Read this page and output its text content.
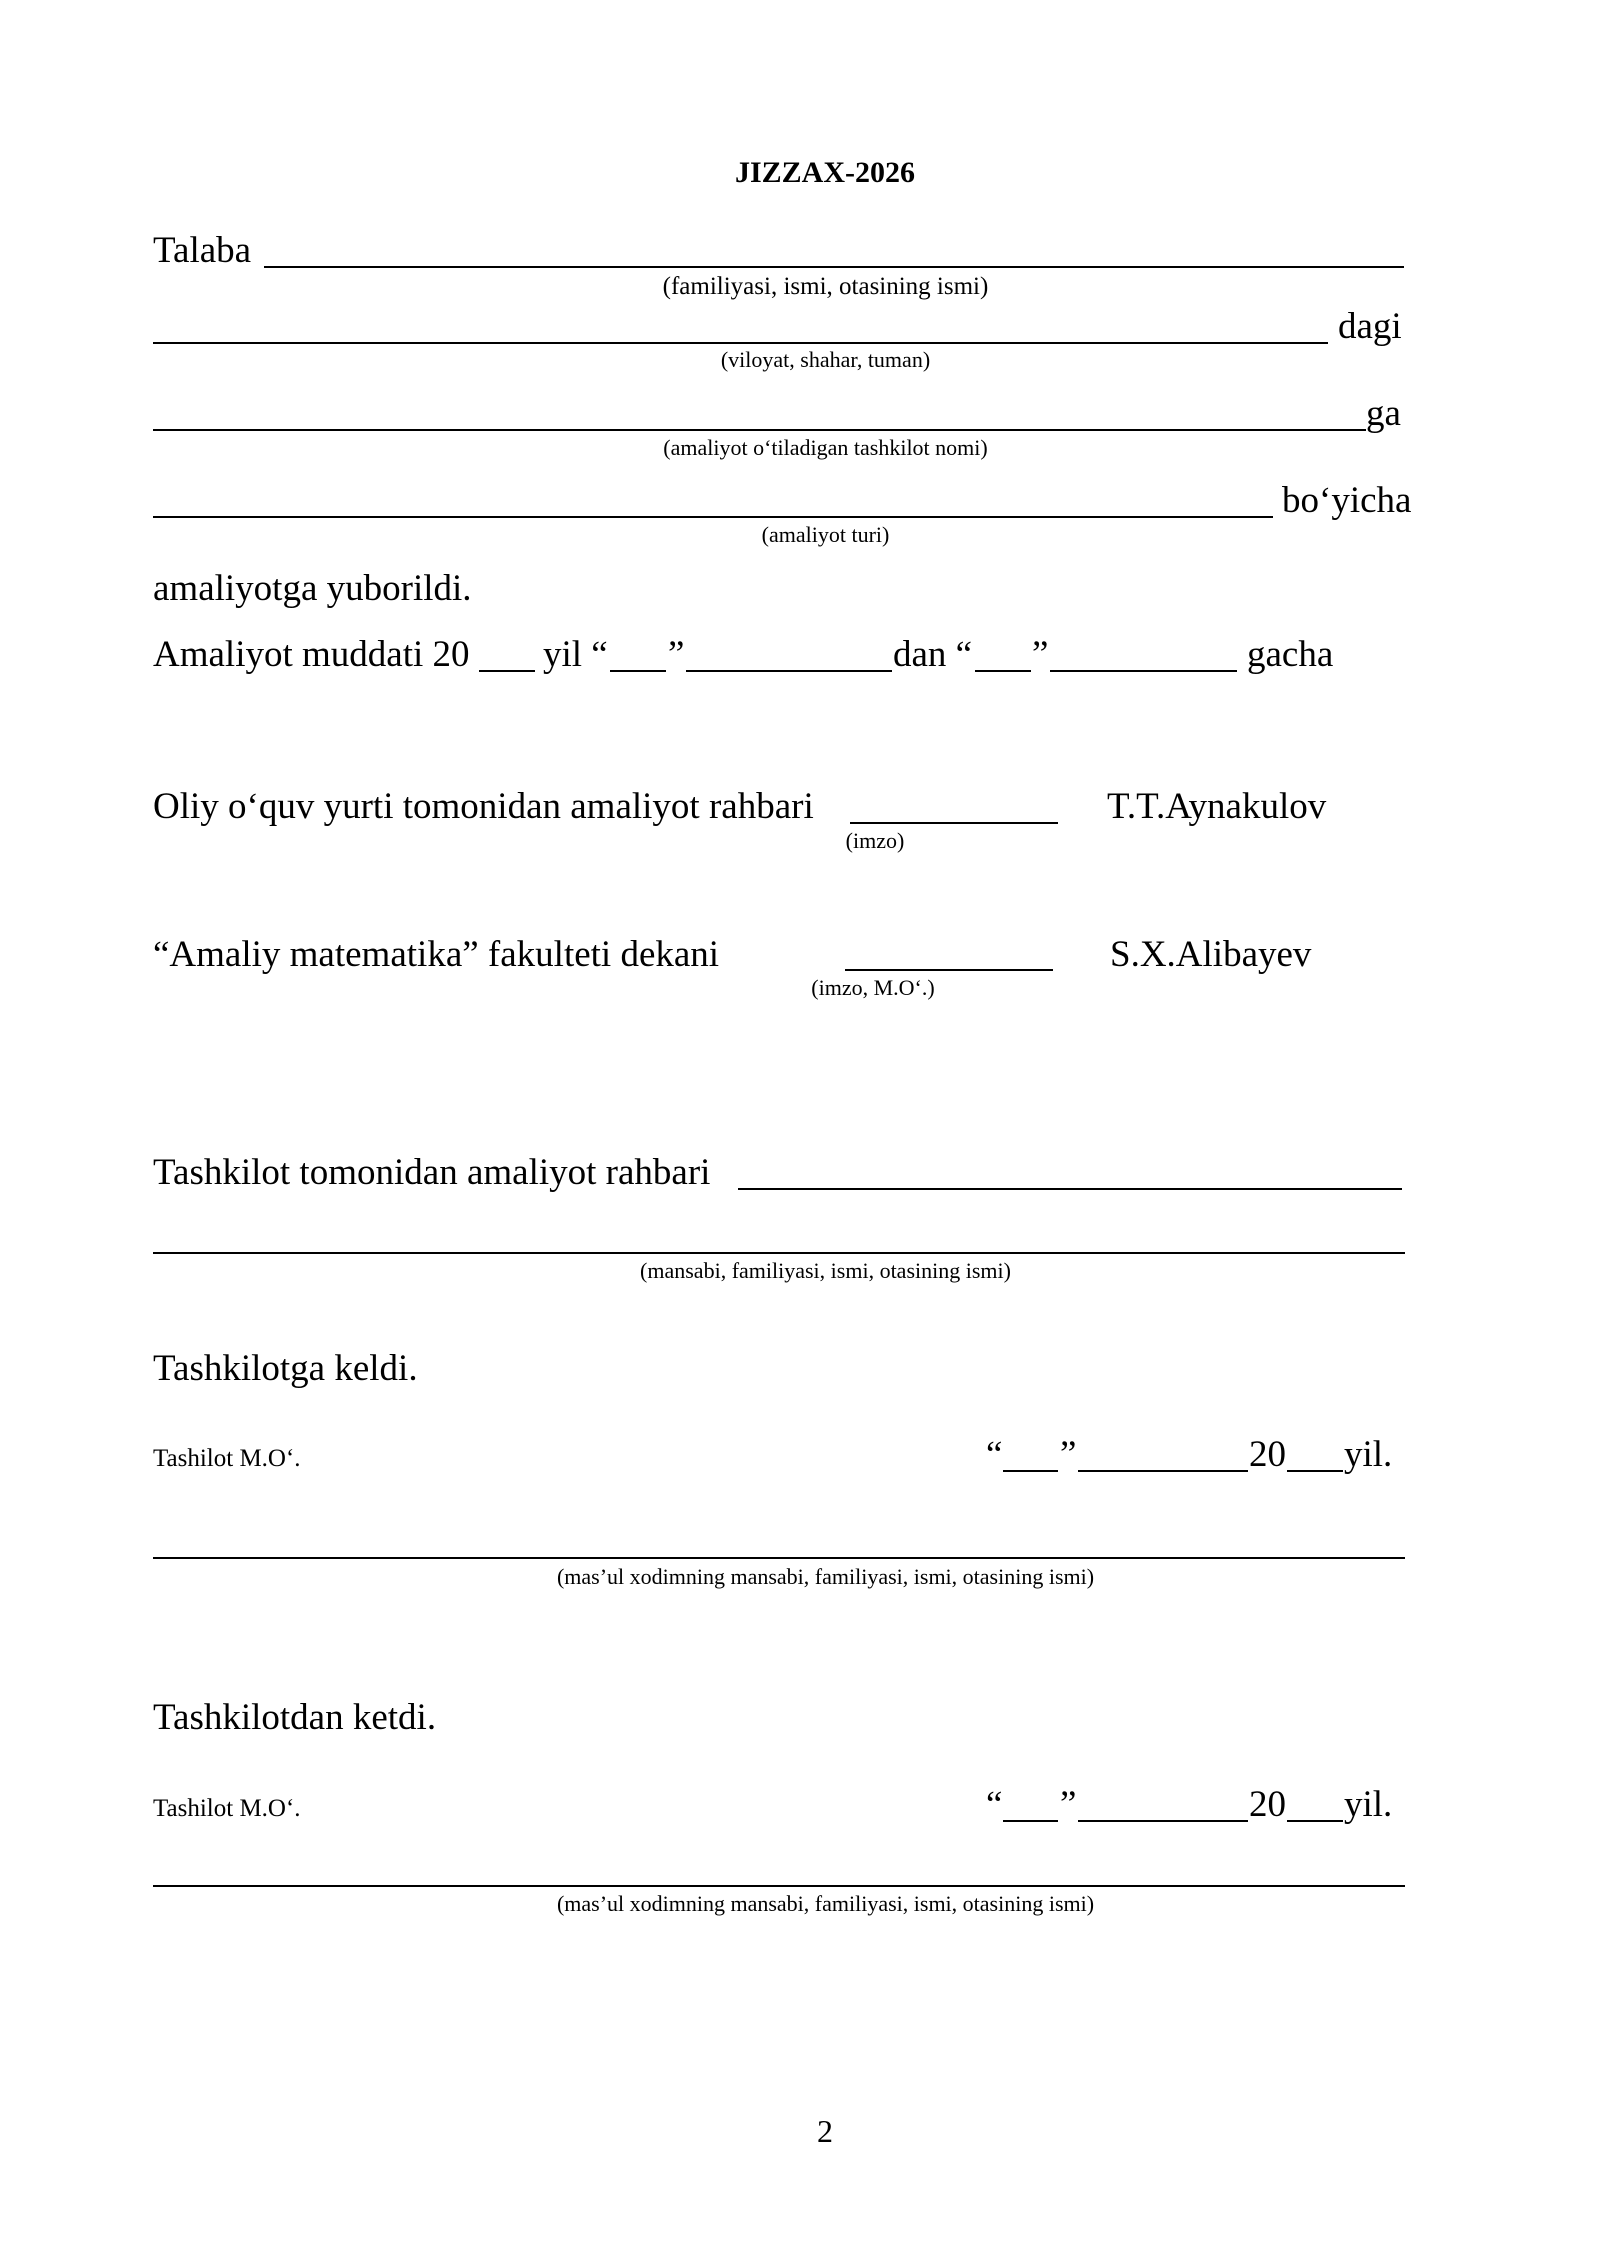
JIZZAX-2026
Talaba
(familiyasi, ismi, otasining ismi)
dagi
(viloyat, shahar, tuman)
ga
(amaliyot o‘tiladigan tashkilot nomi)
bo‘yicha
(amaliyot turi)
amaliyotga yuborildi.
Amaliyot muddati 20 yil “ ”	dan “ ”	gacha
Oliy o‘quv yurti tomonidan amaliyot rahbari
(imzo)
T.T.Aynakulov
“Amaliy matematika” fakulteti dekani
(imzo, M.O‘.)
S.X.Alibayev
Tashkilot tomonidan amaliyot rahbari
(mansabi, familiyasi, ismi, otasining ismi)
Tashkilotga keldi.
Tashilot M.O‘.	“ ”	20 yil.
(mas’ul xodimning mansabi, familiyasi, ismi, otasining ismi)
Tashkilotdan ketdi.
Tashilot M.O‘.	“ ”	20 yil.
(mas’ul xodimning mansabi, familiyasi, ismi, otasining ismi)
2
